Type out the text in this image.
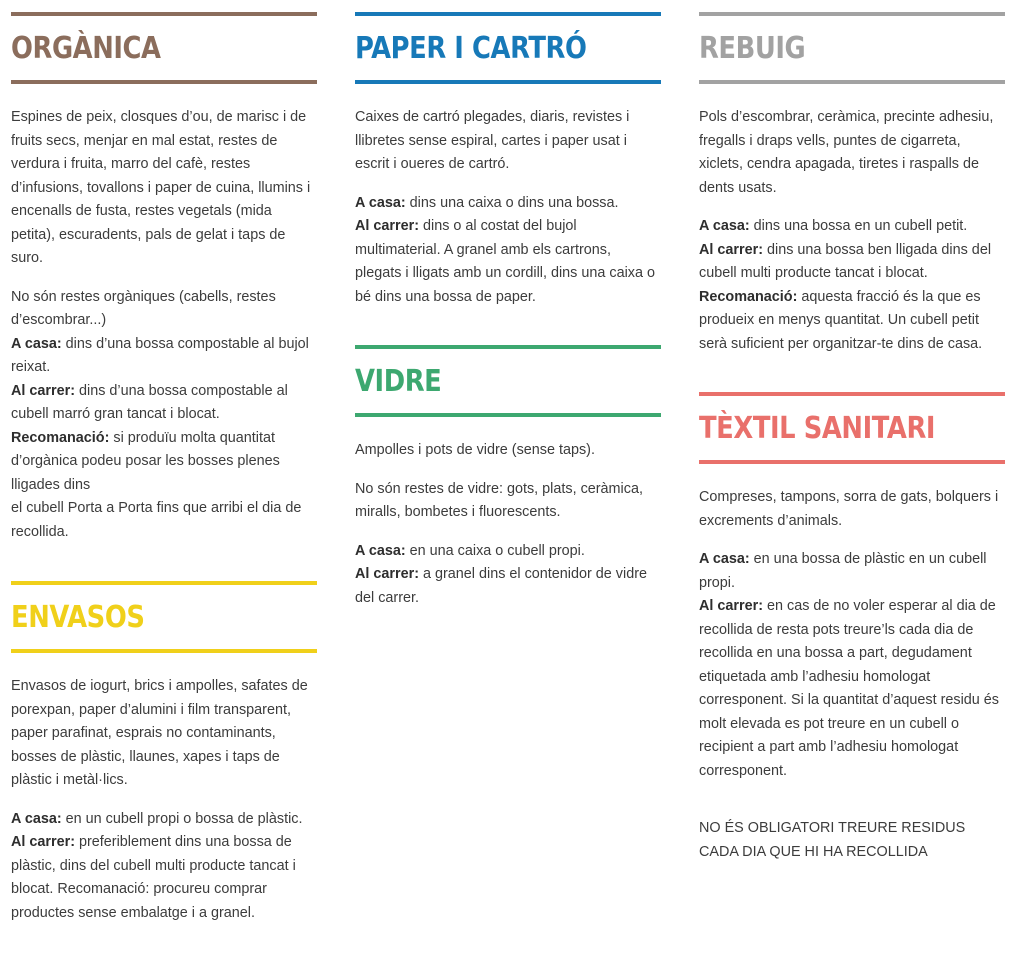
ORGÀNICA

Espines de peix, closques d’ou, de marisc i de fruits secs, menjar en mal estat, restes de verdura i fruita, marro del cafè, restes d’infusions, tovallons i paper de cuina, llumins i encenalls de fusta, restes vegetals (mida petita), escuradents, pals de gelat i taps de suro.

No són restes orgàniques (cabells, restes d’escombrar...)
A casa: dins d’una bossa compostable al bujol reixat.
Al carrer: dins d’una bossa compostable al cubell marró gran tancat i blocat.
Recomanació: si produïu molta quantitat d’orgànica podeu posar les bosses plenes lligades dins
el cubell Porta a Porta fins que arribi el dia de recollida.

ENVASOS

Envasos de iogurt, brics i ampolles, safates de porexpan, paper d’alumini i film transparent, paper parafinat, esprais no contaminants, bosses de plàstic, llaunes, xapes i taps de plàstic i metàl·lics.

A casa: en un cubell propi o bossa de plàstic.
Al carrer: preferiblement dins una bossa de plàstic, dins del cubell multi producte tancat i blocat. Recomanació: procureu comprar productes sense embalatge i a granel.

PAPER I CARTRÓ

Caixes de cartró plegades, diaris, revistes i llibretes sense espiral, cartes i paper usat i escrit i oueres de cartró.

A casa: dins una caixa o dins una bossa.
Al carrer: dins o al costat del bujol multimaterial. A granel amb els cartrons, plegats i lligats amb un cordill, dins una caixa o bé dins una bossa de paper.

VIDRE

Ampolles i pots de vidre (sense taps).

No són restes de vidre: gots, plats, ceràmica, miralls, bombetes i fluorescents.

A casa: en una caixa o cubell propi.
Al carrer: a granel dins el contenidor de vidre del carrer.

REBUIG

Pols d’escombrar, ceràmica, precinte adhesiu, fregalls i draps vells, puntes de cigarreta, xiclets, cendra apagada, tiretes i raspalls de dents usats.

A casa: dins una bossa en un cubell petit.
Al carrer: dins una bossa ben lligada dins del cubell multi producte tancat i blocat.
Recomanació: aquesta fracció és la que es produeix en menys quantitat. Un cubell petit serà suficient per organitzar-te dins de casa.

TÈXTIL SANITARI

Compreses, tampons, sorra de gats, bolquers i excrements d’animals.

A casa: en una bossa de plàstic en un cubell propi.
Al carrer: en cas de no voler esperar al dia de recollida de resta pots treure’ls cada dia de recollida en una bossa a part, degudament etiquetada amb l’adhesiu homologat corresponent. Si la quantitat d’aquest residu és molt elevada es pot treure en un cubell o recipient a part amb l’adhesiu homologat corresponent.

NO ÉS OBLIGATORI TREURE RESIDUS CADA DIA QUE HI HA RECOLLIDA
